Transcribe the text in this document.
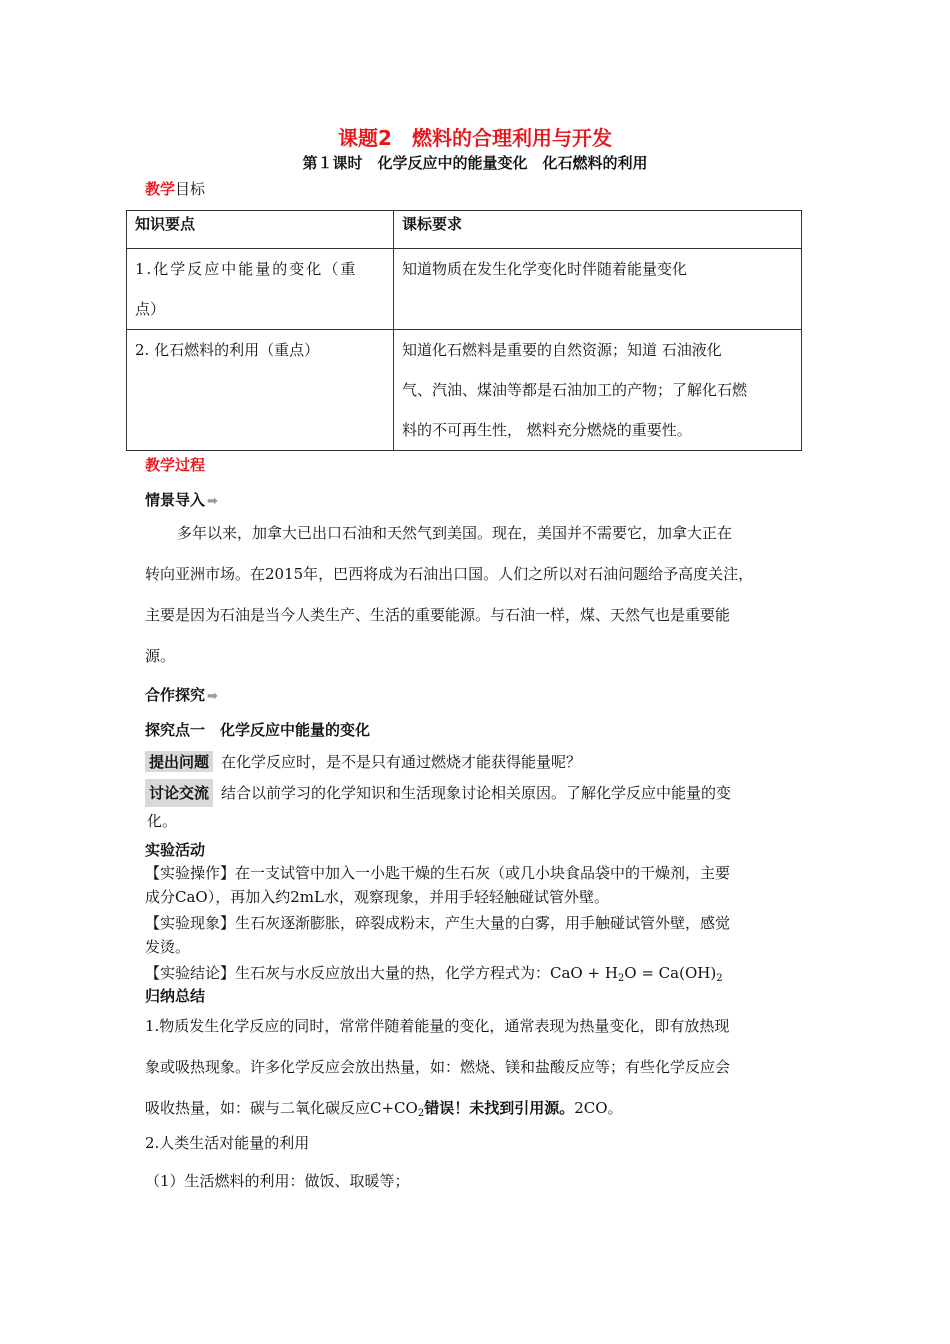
课题2　燃料的合理利用与开发
第１课时　化学反应中的能量变化　化石燃料的利用
教学目标
知识要点	课标要求

1.化学反应中能量的变化（重
点）	知道物质在发生化学变化时伴随着能量变化

2. 化石燃料的利用（重点）	知道化石燃料是重要的自然资源；知道 石油液化
气、汽油、煤油等都是石油加工的产物；了解化石燃
料的不可再生性， 燃料充分燃烧的重要性。
教学过程
情景导入 ➡
多年以来，加拿大已出口石油和天然气到美国。现在，美国并不需要它，加拿大正在
转向亚洲市场。在2015年，巴西将成为石油出口国。人们之所以对石油问题给予高度关注，
主要是因为石油是当今人类生产、生活的重要能源。与石油一样，煤、天然气也是重要能
源。
合作探究 ➡
探究点一　化学反应中能量的变化
提出问题 在化学反应时，是不是只有通过燃烧才能获得能量呢？
讨论交流 结合以前学习的化学知识和生活现象讨论相关原因。了解化学反应中能量的变
化。
实验活动
【实验操作】在一支试管中加入一小匙干燥的生石灰（或几小块食品袋中的干燥剂，主要
成分CaO），再加入约2mL水，观察现象，并用手轻轻触碰试管外壁。
【实验现象】生石灰逐渐膨胀，碎裂成粉末，产生大量的白雾，用手触碰试管外壁，感觉
发烫。
【实验结论】生石灰与水反应放出大量的热，化学方程式为：CaO + $H_2O = Ca(OH)_2$
归纳总结
1.物质发生化学反应的同时，常常伴随着能量的变化，通常表现为热量变化，即有放热现
象或吸热现象。许多化学反应会放出热量，如：燃烧、镁和盐酸反应等；有些化学反应会
吸收热量，如：碳与二氧化碳反应$C+CO_2$错误！未找到引用源。2CO。
2.人类生活对能量的利用
（1）生活燃料的利用：做饭、取暖等；
